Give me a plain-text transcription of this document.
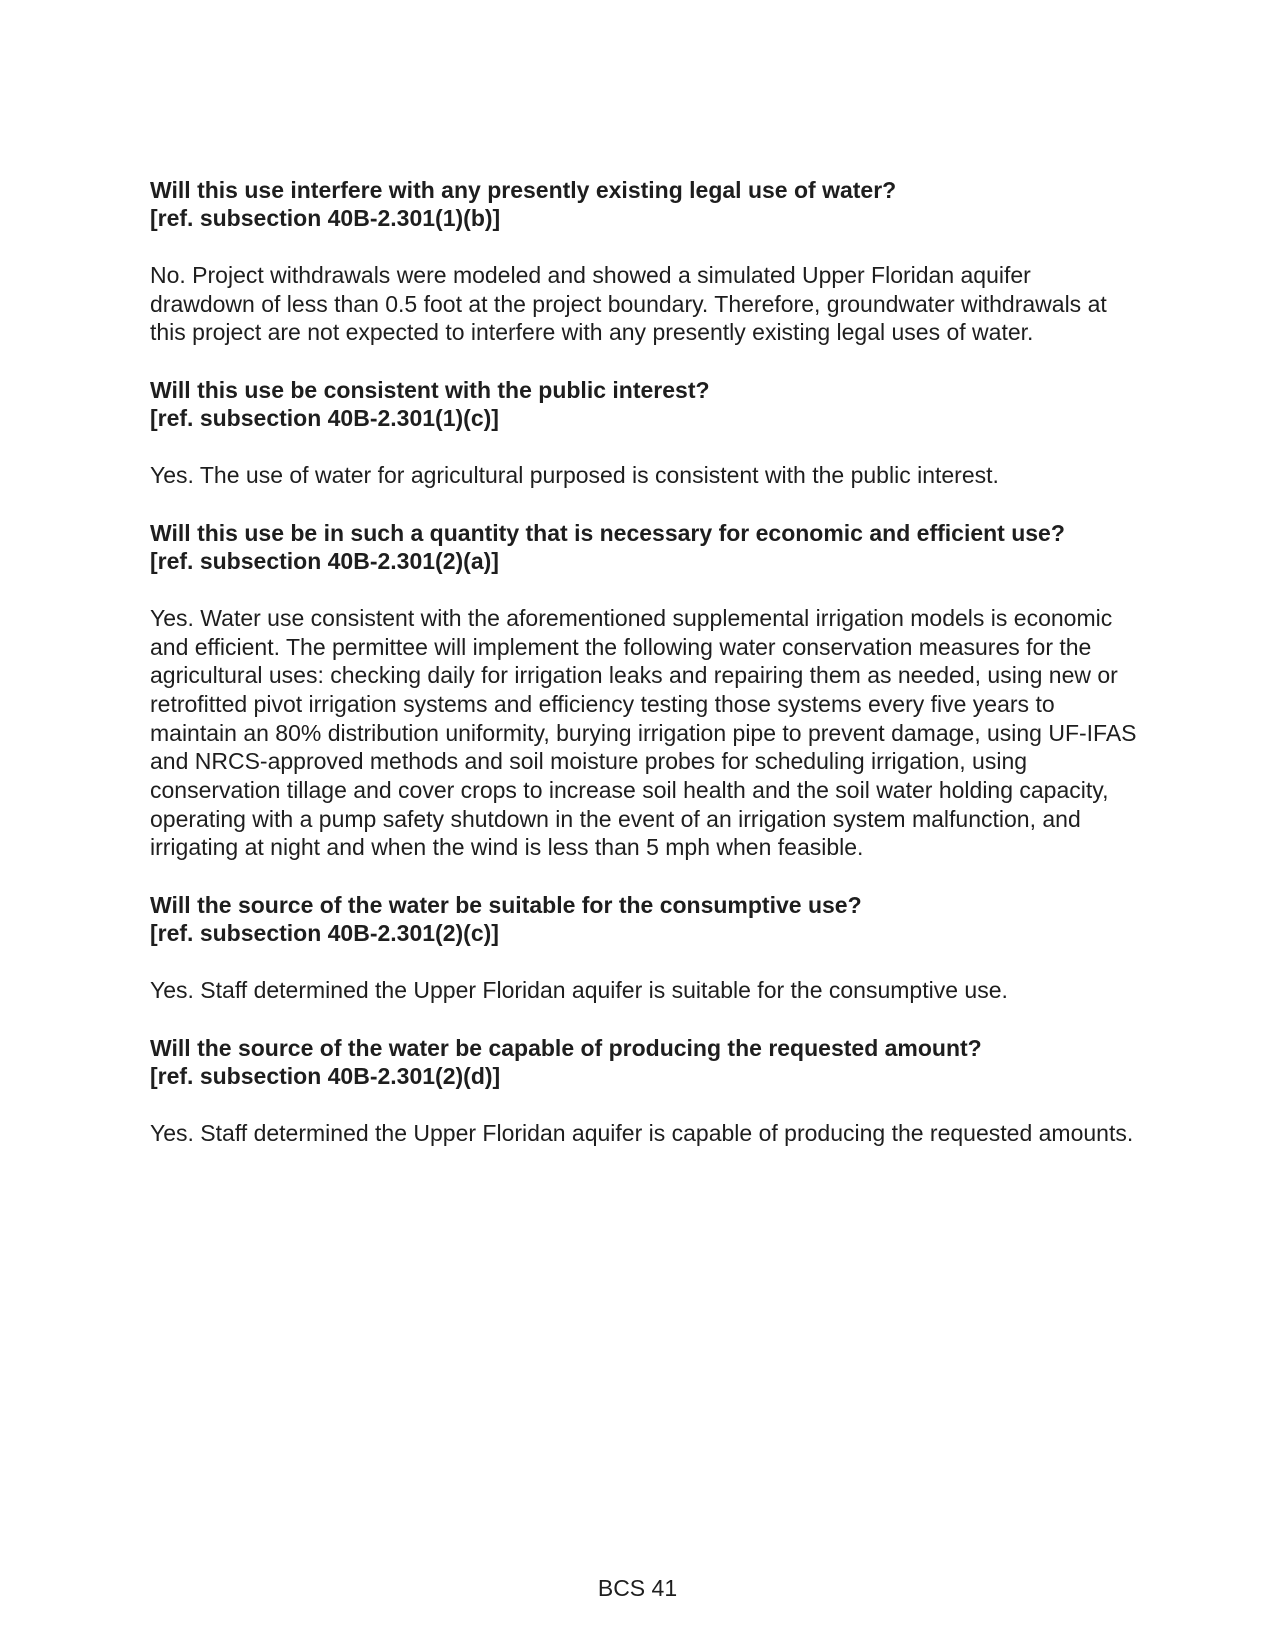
Will this use interfere with any presently existing legal use of water?

[ref. subsection 40B-2.301(1)(b)]

No. Project withdrawals were modeled and showed a simulated Upper Floridan aquifer drawdown of less than 0.5 foot at the project boundary. Therefore, groundwater withdrawals at this project are not expected to interfere with any presently existing legal uses of water.

Will this use be consistent with the public interest?

[ref. subsection 40B-2.301(1)(c)]

Yes. The use of water for agricultural purposed is consistent with the public interest.

Will this use be in such a quantity that is necessary for economic and efficient use?

[ref. subsection 40B-2.301(2)(a)]

Yes. Water use consistent with the aforementioned supplemental irrigation models is economic and efficient. The permittee will implement the following water conservation measures for the agricultural uses: checking daily for irrigation leaks and repairing them as needed, using new or retrofitted pivot irrigation systems and efficiency testing those systems every five years to maintain an 80% distribution uniformity, burying irrigation pipe to prevent damage, using UF-IFAS and NRCS-approved methods and soil moisture probes for scheduling irrigation, using conservation tillage and cover crops to increase soil health and the soil water holding capacity, operating with a pump safety shutdown in the event of an irrigation system malfunction, and irrigating at night and when the wind is less than 5 mph when feasible.

Will the source of the water be suitable for the consumptive use?

[ref. subsection 40B-2.301(2)(c)]

Yes. Staff determined the Upper Floridan aquifer is suitable for the consumptive use.

Will the source of the water be capable of producing the requested amount?

[ref. subsection 40B-2.301(2)(d)]

Yes. Staff determined the Upper Floridan aquifer is capable of producing the requested amounts.

BCS 41
